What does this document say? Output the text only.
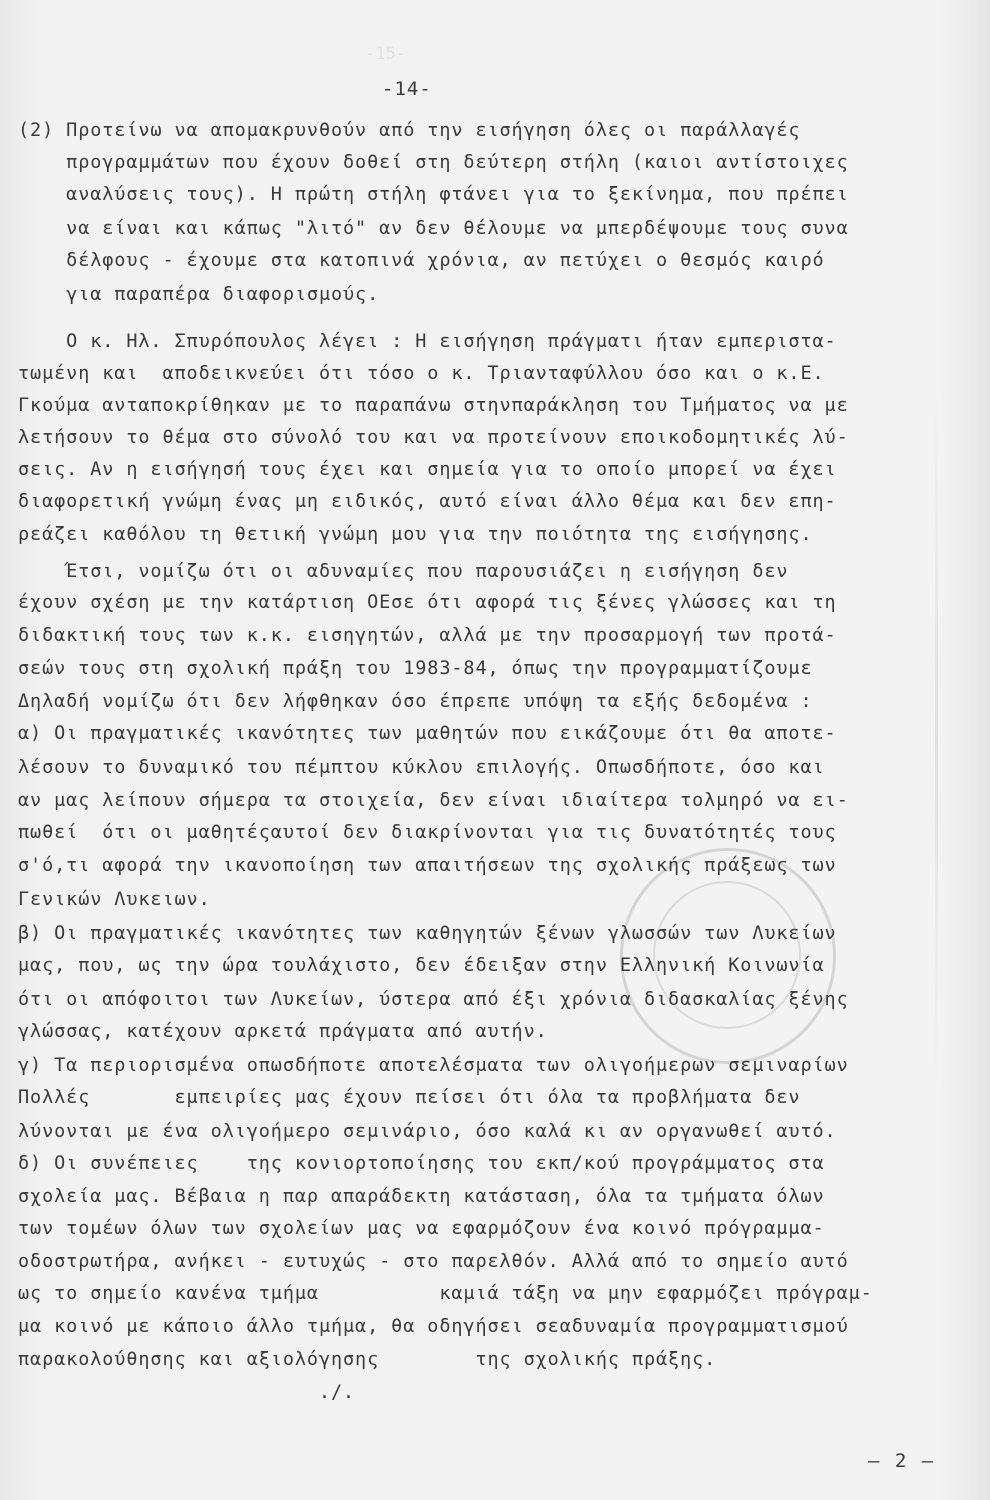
-15-
-14-
(2) Προτείνω να απομακρυνθούν από την εισήγηση όλες οι παράλλαγές
προγραμμάτων που έχουν δοθεί στη δεύτερη στήλη (καιοι αντίστοιχες
αναλύσεις τους). Η πρώτη στήλη φτάνει για το ξεκίνημα, που πρέπει
να είναι και κάπως "λιτό" αν δεν θέλουμε να μπερδέψουμε τους συνα
δέλφους - έχουμε στα κατοπινά χρόνια, αν πετύχει ο θεσμός καιρό
για παραπέρα διαφορισμούς.
Ο κ. Ηλ. Σπυρόπουλος λέγει : Η εισήγηση πράγματι ήταν εμπεριστα-
τωμένη και  αποδεικνεύει ότι τόσο ο κ. Τριανταφύλλου όσο και ο κ.Ε.
Γκούμα ανταποκρίθηκαν με το παραπάνω στηνπαράκληση του Τμήματος να με
λετήσουν το θέμα στο σύνολό του και να προτείνουν εποικοδομητικές λύ-
σεις. Αν η εισήγησή τους έχει και σημεία για το οποίο μπορεί να έχει
διαφορετική γνώμη ένας μη ειδικός, αυτό είναι άλλο θέμα και δεν επη-
ρεάζει καθόλου τη θετική γνώμη μου για την ποιότητα της εισήγησης.
Έτσι, νομίζω ότι οι αδυναμίες που παρουσιάζει η εισήγηση δεν
έχουν σχέση με την κατάρτιση ΟΕσε ότι αφορά τις ξένες γλώσσες και τη
διδακτική τους των κ.κ. εισηγητών, αλλά με την προσαρμογή των προτά-
σεών τους στη σχολική πράξη του 1983-84, όπως την προγραμματίζουμε
Δηλαδή νομίζω ότι δεν λήφθηκαν όσο έπρεπε υπόψη τα εξής δεδομένα :
α) Οι πραγματικές ικανότητες των μαθητών που εικάζουμε ότι θα αποτε-
λέσουν το δυναμικό του πέμπτου κύκλου επιλογής. Οπωσδήποτε, όσο και
αν μας λείπουν σήμερα τα στοιχεία, δεν είναι ιδιαίτερα τολμηρό να ει-
πωθεί  ότι οι μαθητέςαυτοί δεν διακρίνονται για τις δυνατότητές τους
σ'ό,τι αφορά την ικανοποίηση των απαιτήσεων της σχολικής πράξεως των
Γενικών Λυκειων.
β) Οι πραγματικές ικανότητες των καθηγητών ξένων γλωσσών των Λυκείων
μας, που, ως την ώρα τουλάχιστο, δεν έδειξαν στην Ελληνική Κοινωνία
ότι οι απόφοιτοι των Λυκείων, ύστερα από έξι χρόνια διδασκαλίας ξένης
γλώσσας, κατέχουν αρκετά πράγματα από αυτήν.
γ) Τα περιορισμένα οπωσδήποτε αποτελέσματα των ολιγοήμερων σεμιναρίων
Πολλές       εμπειρίες μας έχουν πείσει ότι όλα τα προβλήματα δεν
λύνονται με ένα ολιγοήμερο σεμινάριο, όσο καλά κι αν οργανωθεί αυτό.
δ) Οι συνέπειες    της κονιορτοποίησης του εκπ/κού προγράμματος στα
σχολεία μας. Βέβαια η παρ απαράδεκτη κατάσταση, όλα τα τμήματα όλων
των τομέων όλων των σχολείων μας να εφαρμόζουν ένα κοινό πρόγραμμα-
οδοστρωτήρα, ανήκει - ευτυχώς - στο παρελθόν. Αλλά από το σημείο αυτό
ως το σημείο κανένα τμήμα          καμιά τάξη να μην εφαρμόζει πρόγραμ-
μα κοινό με κάποιο άλλο τμήμα, θα οδηγήσει σεαδυναμία προγραμματισμού
παρακολούθησης και αξιολόγησης        της σχολικής πράξης.
./.
– 2 –
